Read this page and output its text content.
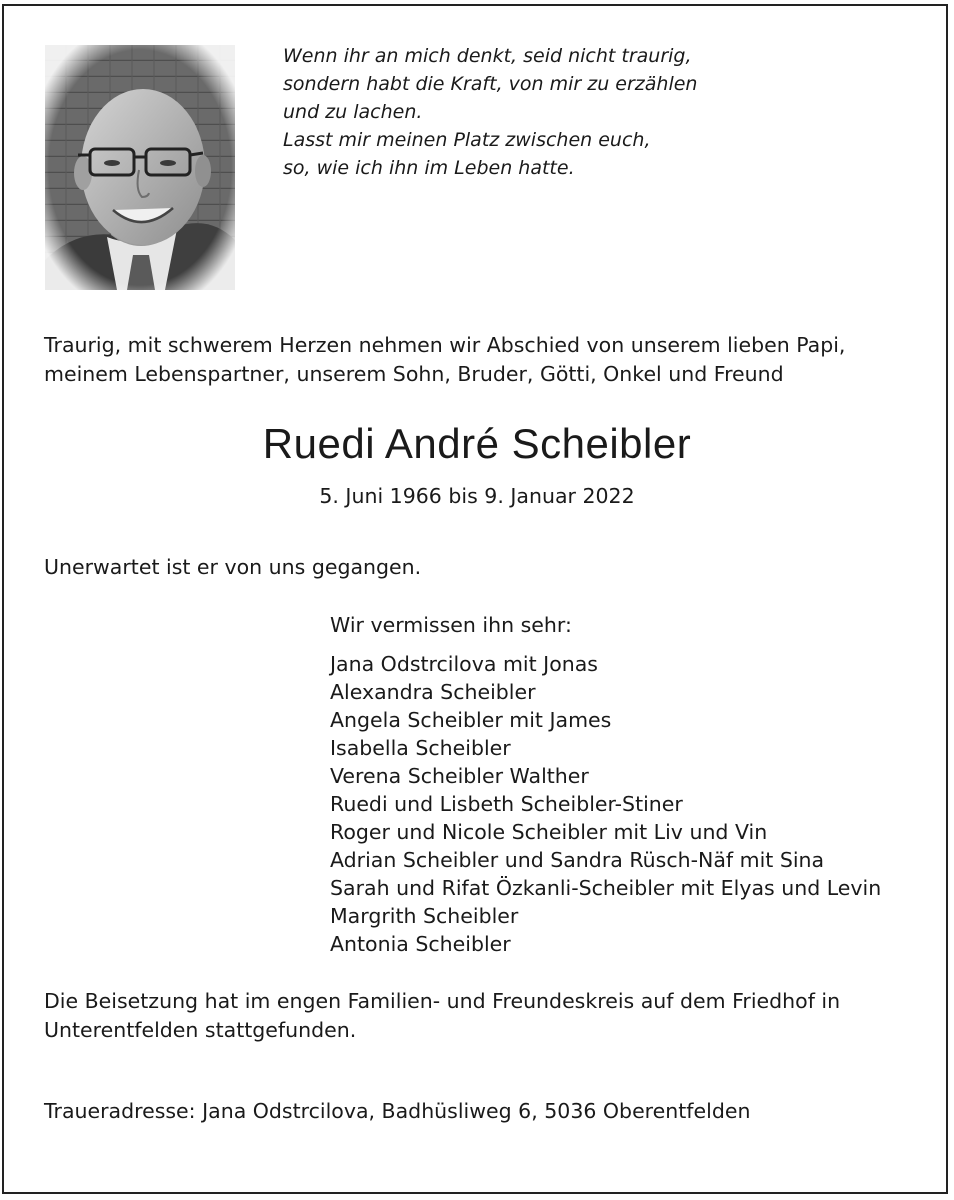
Wenn ihr an mich denkt, seid nicht traurig,
sondern habt die Kraft, von mir zu erzählen
und zu lachen.
Lasst mir meinen Platz zwischen euch,
so, wie ich ihn im Leben hatte.
Traurig, mit schwerem Herzen nehmen wir Abschied von unserem lieben Papi, meinem Lebenspartner, unserem Sohn, Bruder, Götti, Onkel und Freund
Ruedi André Scheibler
5. Juni 1966 bis 9. Januar 2022
Unerwartet ist er von uns gegangen.
Wir vermissen ihn sehr:
Jana Odstrcilova mit Jonas
Alexandra Scheibler
Angela Scheibler mit James
Isabella Scheibler
Verena Scheibler Walther
Ruedi und Lisbeth Scheibler-Stiner
Roger und Nicole Scheibler mit Liv und Vin
Adrian Scheibler und Sandra Rüsch-Näf mit Sina
Sarah und Rifat Özkanli-Scheibler mit Elyas und Levin
Margrith Scheibler
Antonia Scheibler
Die Beisetzung hat im engen Familien- und Freundeskreis auf dem Friedhof in Unterentfelden stattgefunden.
Traueradresse: Jana Odstrcilova, Badhüsliweg 6, 5036 Oberentfelden
